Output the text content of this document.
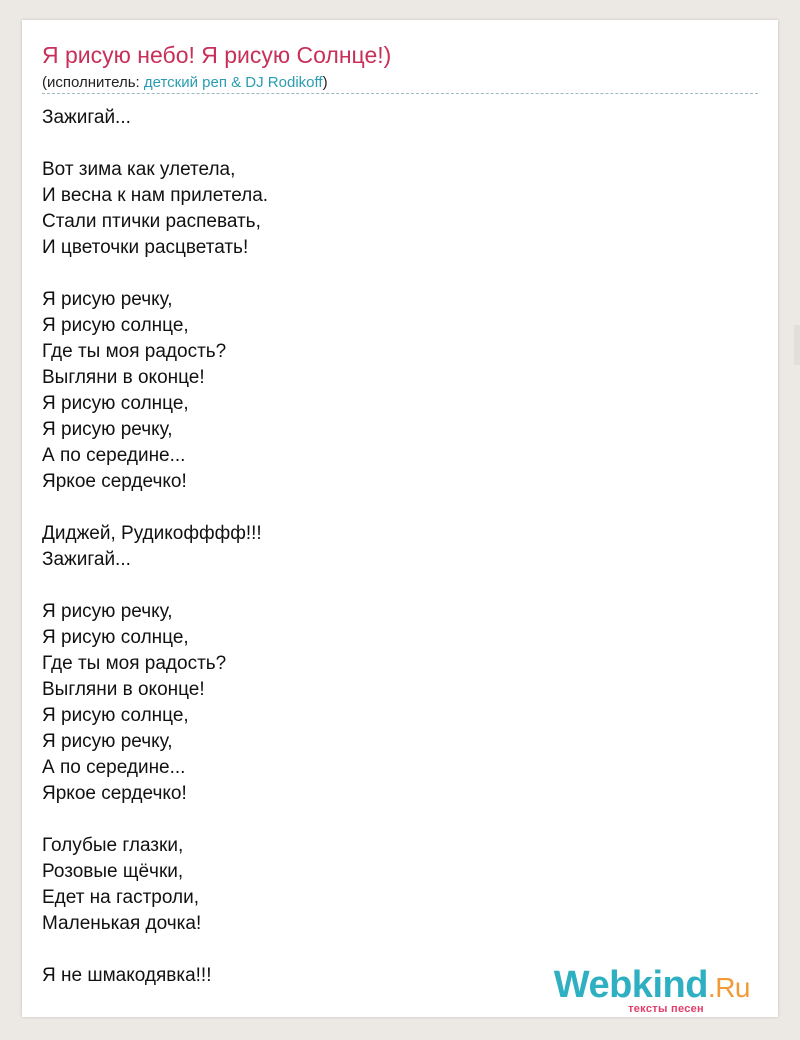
Я рисую небо! Я рисую Солнце!)
(исполнитель: детский реп & DJ Rodikoff)
Зажигай...
Вот зима как улетела,
И весна к нам прилетела.
Стали птички распевать,
И цветочки расцветать!
Я рисую речку,
Я рисую солнце,
Где ты моя радость?
Выгляни в оконце!
Я рисую солнце,
Я рисую речку,
А по середине...
Яркое сердечко!
Диджей, Рудикофффф!!!
Зажигай...
Я рисую речку,
Я рисую солнце,
Где ты моя радость?
Выгляни в оконце!
Я рисую солнце,
Я рисую речку,
А по середине...
Яркое сердечко!
Голубые глазки,
Розовые щёчки,
Едет на гастроли,
Маленькая дочка!
Я не шмакодявка!!!	Webkind.Ru
тексты песен
